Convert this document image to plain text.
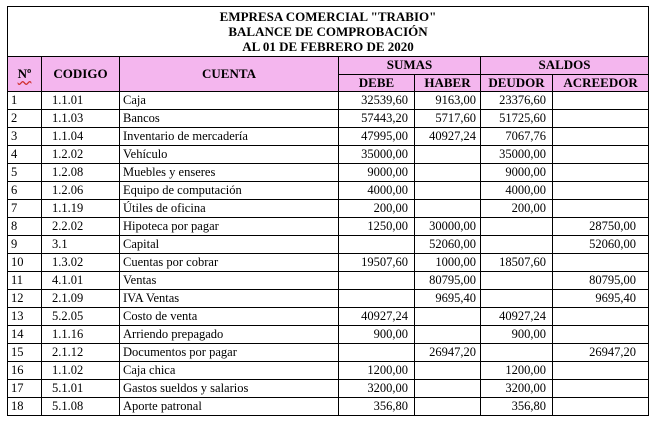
EMPRESA COMERCIAL "TRABIO"
BALANCE DE COMPROBACIÓN
AL 01 DE FEBRERO DE 2020						

Nº	CODIGO	CUENTA	SUMAS		SALDOS	
			DEBE	HABER	DEUDOR	ACREEDOR
1	1.1.01	Caja	32539,60	9163,00	23376,60	
2	1.1.03	Bancos	57443,20	5717,60	51725,60	
3	1.1.04	Inventario de mercadería	47995,00	40927,24	7067,76	
4	1.2.02	Vehículo	35000,00		35000,00	
5	1.2.08	Muebles y enseres	9000,00		9000,00	
6	1.2.06	Equipo de computación	4000,00		4000,00	
7	1.1.19	Útiles de oficina	200,00		200,00	
8	2.2.02	Hipoteca por pagar	1250,00	30000,00		28750,00
9	3.1	Capital		52060,00		52060,00
10	1.3.02	Cuentas por cobrar	19507,60	1000,00	18507,60	
11	4.1.01	Ventas		80795,00		80795,00
12	2.1.09	IVA Ventas		9695,40		9695,40
13	5.2.05	Costo de venta	40927,24		40927,24	
14	1.1.16	Arriendo prepagado	900,00		900,00	
15	2.1.12	Documentos por pagar		26947,20		26947,20
16	1.1.02	Caja chica	1200,00		1200,00	
17	5.1.01	Gastos sueldos y salarios	3200,00		3200,00	
18	5.1.08	Aporte patronal	356,80		356,80	
